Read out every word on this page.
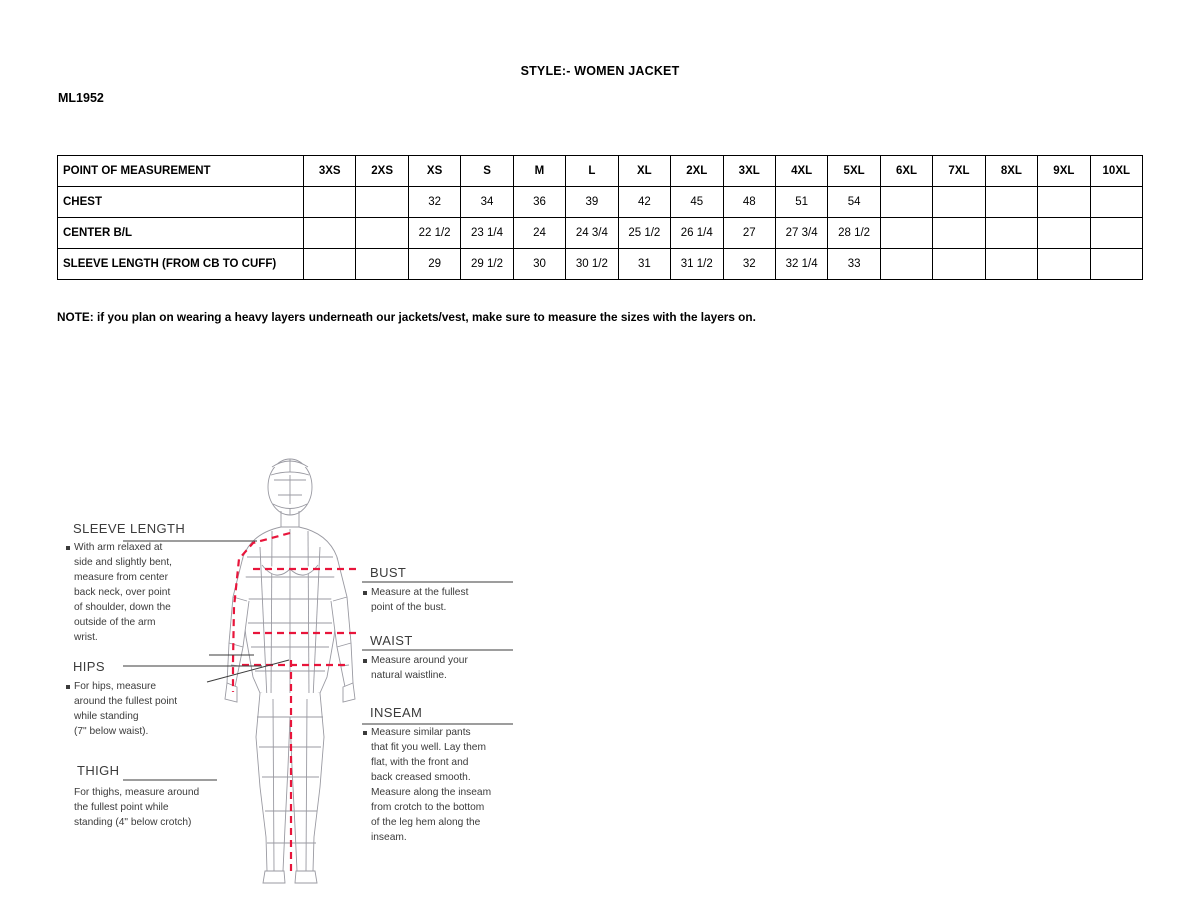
STYLE:- WOMEN JACKET
ML1952
POINT OF MEASUREMENT	3XS	2XS	XS	S	M	L	XL	2XL	3XL	4XL	5XL	6XL	7XL	8XL	9XL	10XL
CHEST			32	34	36	39	42	45	48	51	54					
CENTER B/L			22 1/2	23 1/4	24	24 3/4	25 1/2	26 1/4	27	27 3/4	28 1/2					
SLEEVE LENGTH (FROM CB TO CUFF)			29	29 1/2	30	30 1/2	31	31 1/2	32	32 1/4	33					
NOTE: if you plan on wearing a heavy layers underneath our jackets/vest, make sure to measure the sizes with the layers on.
SLEEVE LENGTH
With arm relaxed at
side and slightly bent,
measure from center
back neck, over point
of shoulder, down the
outside of the arm
wrist.
HIPS
For hips, measure
around the fullest point
while standing
(7" below waist).
THIGH
For thighs, measure around
the fullest point while
standing (4" below crotch)
BUST
Measure at the fullest
point of the bust.
WAIST
Measure around your
natural waistline.
INSEAM
Measure similar pants
that fit you well. Lay them
flat, with the front and
back creased smooth.
Measure along the inseam
from crotch to the bottom
of the leg hem along the
inseam.
